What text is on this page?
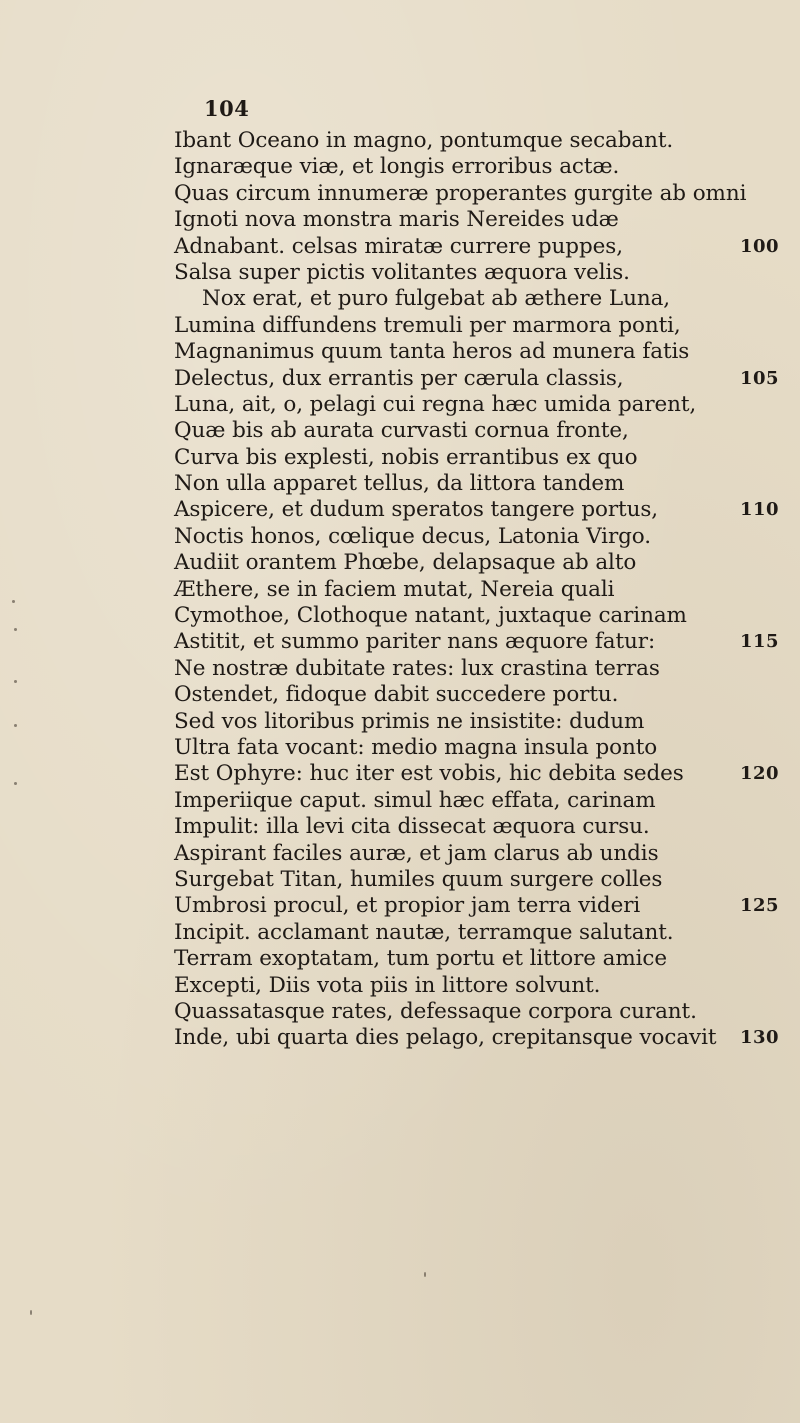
104
Ibant Oceano in magno, pontumque secabant.
Ignaræque viæ, et longis erroribus actæ.
Quas circum innumeræ properantes gurgite ab omni
Ignoti nova monstra maris Nereides udæ
Adnabant. celsas miratæ currere puppes,	100
Salsa super pictis volitantes æquora velis.
Nox erat, et puro fulgebat ab æthere Luna,
Lumina diffundens tremuli per marmora ponti,
Magnanimus quum tanta heros ad munera fatis
Delectus, dux errantis per cærula classis,	105
Luna, ait, o, pelagi cui regna hæc umida parent,
Quæ bis ab aurata curvasti cornua fronte,
Curva bis explesti, nobis errantibus ex quo
Non ulla apparet tellus, da littora tandem
Aspicere, et dudum speratos tangere portus,	110
Noctis honos, cœlique decus, Latonia Virgo.
Audiit orantem Phœbe, delapsaque ab alto
Æthere, se in faciem mutat, Nereia quali
Cymothoe, Clothoque natant, juxtaque carinam
Astitit, et summo pariter nans æquore fatur:	115
Ne nostræ dubitate rates: lux crastina terras
Ostendet, fidoque dabit succedere portu.
Sed vos litoribus primis ne insistite: dudum
Ultra fata vocant: medio magna insula ponto
Est Ophyre: huc iter est vobis, hic debita sedes	120
Imperiique caput. simul hæc effata, carinam
Impulit: illa levi cita dissecat æquora cursu.
Aspirant faciles auræ, et jam clarus ab undis
Surgebat Titan, humiles quum surgere colles
Umbrosi procul, et propior jam terra videri	125
Incipit. acclamant nautæ, terramque salutant.
Terram exoptatam, tum portu et littore amice
Excepti, Diis vota piis in littore solvunt.
Quassatasque rates, defessaque corpora curant.
Inde, ubi quarta dies pelago, crepitansque vocavit 130
